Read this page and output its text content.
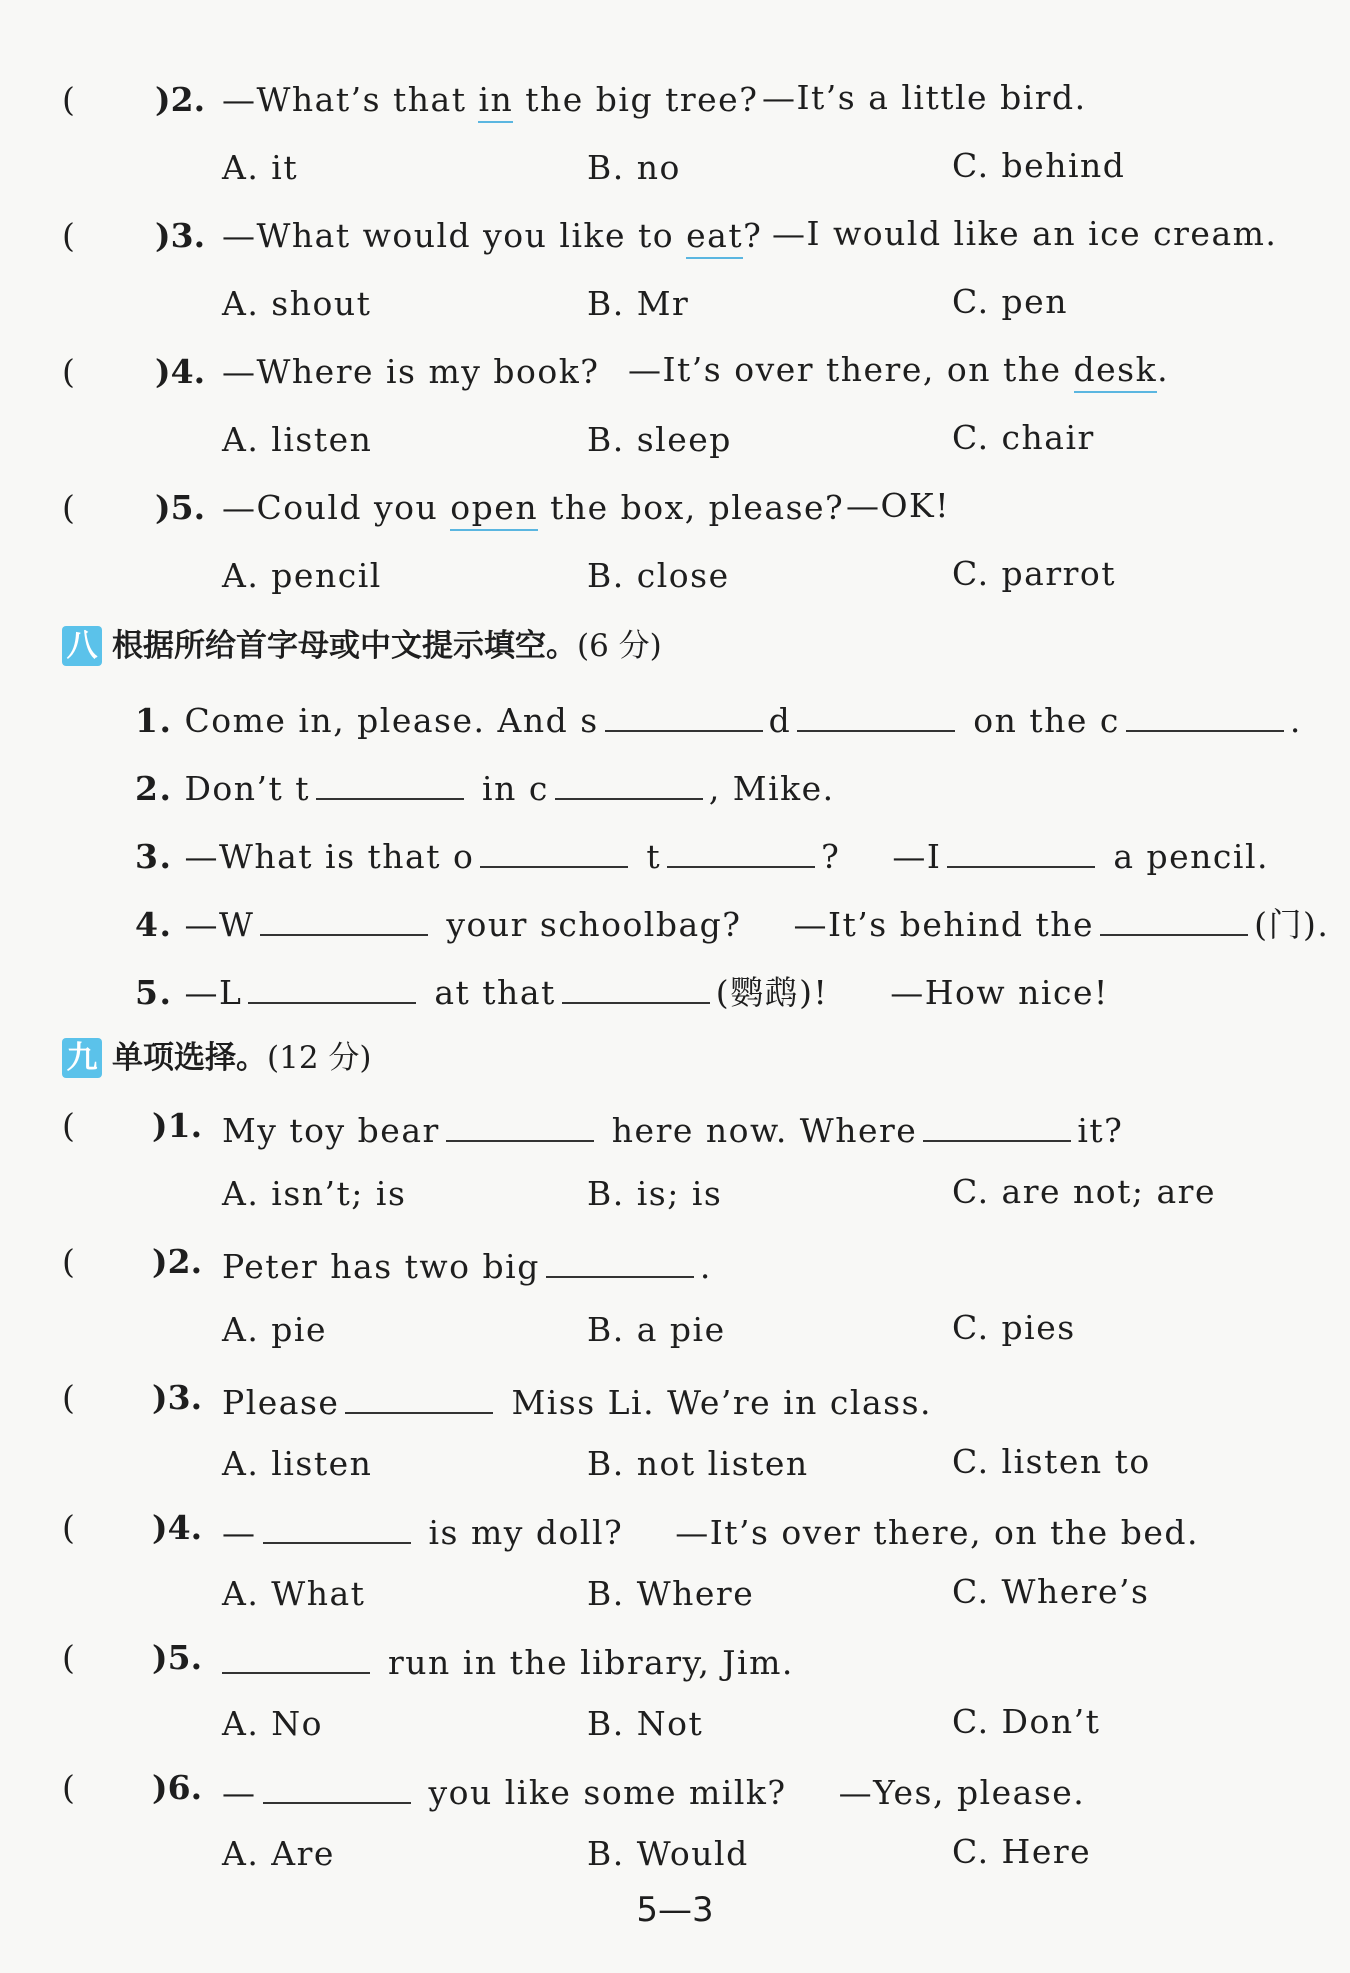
( )2. —What’s that in the big tree? —It’s a little bird.
A. it	B. no	C. behind
( )3. —What would you like to eat? —I would like an ice cream.
A. shout	B. Mr	C. pen
( )4. —Where is my book? —It’s over there, on the desk.
A. listen	B. sleep	C. chair
( )5. —Could you open the box, please? —OK!
A. pencil	B. close	C. parrot
八 根据所给首字母或中文提示填空。(6 分)
1. Come in, please. And s	d	on the c	.
2. Don’t t	in c	, Mike.
3. —What is that o	t	? —I	a pencil.
4. —W	your schoolbag? —It’s behind the	(门).
5. —L	at that	(鹦鹉)! —How nice!
九 单项选择。(12 分)
( )1. My toy bear	here now. Where	it?
A. isn’t; is	B. is; is	C. are not; are
( )2. Peter has two big	.
A. pie	B. a pie	C. pies
( )3. Please	Miss Li. We’re in class.
A. listen	B. not listen	C. listen to
( )4. —	is my doll? —It’s over there, on the bed.
A. What	B. Where	C. Where’s
( )5.	run in the library, Jim.
A. No	B. Not	C. Don’t
( )6. —	you like some milk? —Yes, please.
A. Are	B. Would	C. Here
5—3
